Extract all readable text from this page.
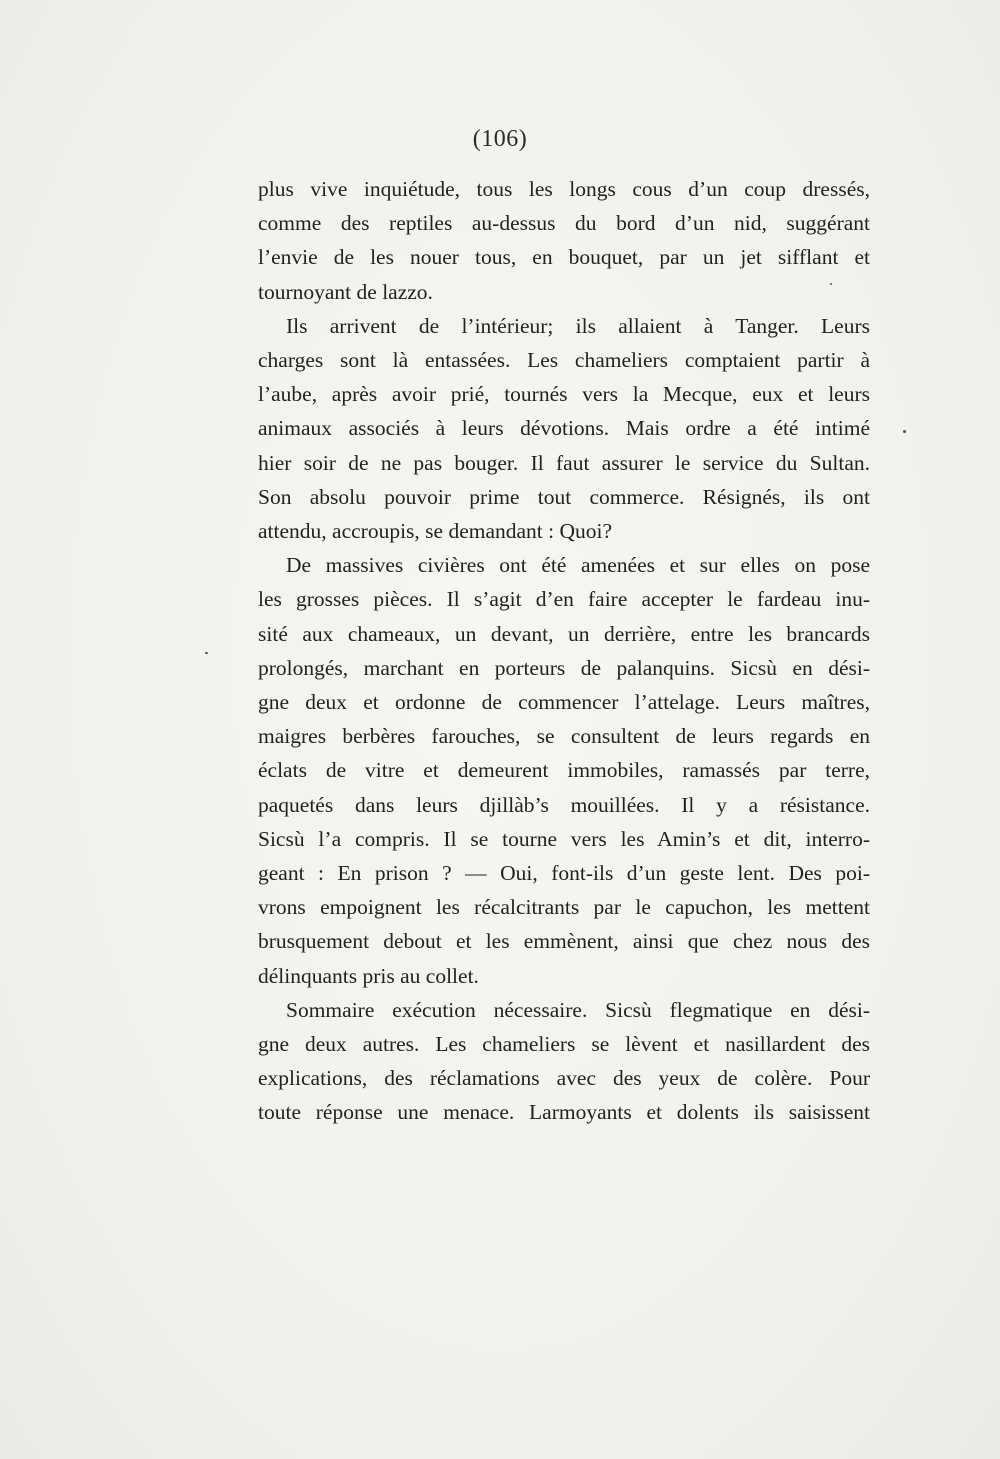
(106)

plus vive inquiétude, tous les longs cous d’un coup dressés,
comme des reptiles au-dessus du bord d’un nid, suggérant
l’envie de les nouer tous, en bouquet, par un jet sifflant et
tournoyant de lazzo.

Ils arrivent de l’intérieur; ils allaient à Tanger. Leurs
charges sont là entassées. Les chameliers comptaient partir à
l’aube, après avoir prié, tournés vers la Mecque, eux et leurs
animaux associés à leurs dévotions. Mais ordre a été intimé
hier soir de ne pas bouger. Il faut assurer le service du Sultan.
Son absolu pouvoir prime tout commerce. Résignés, ils ont
attendu, accroupis, se demandant : Quoi?

De massives civières ont été amenées et sur elles on pose
les grosses pièces. Il s’agit d’en faire accepter le fardeau inu-
sité aux chameaux, un devant, un derrière, entre les brancards
prolongés, marchant en porteurs de palanquins. Sicsù en dési-
gne deux et ordonne de commencer l’attelage. Leurs maîtres,
maigres berbères farouches, se consultent de leurs regards en
éclats de vitre et demeurent immobiles, ramassés par terre,
paquetés dans leurs djillàb’s mouillées. Il y a résistance.
Sicsù l’a compris. Il se tourne vers les Amin’s et dit, interro-
geant : En prison ? — Oui, font-ils d’un geste lent. Des poi-
vrons empoignent les récalcitrants par le capuchon, les mettent
brusquement debout et les emmènent, ainsi que chez nous des
délinquants pris au collet.

Sommaire exécution nécessaire. Sicsù flegmatique en dési-
gne deux autres. Les chameliers se lèvent et nasillardent des
explications, des réclamations avec des yeux de colère. Pour
toute réponse une menace. Larmoyants et dolents ils saisissent
